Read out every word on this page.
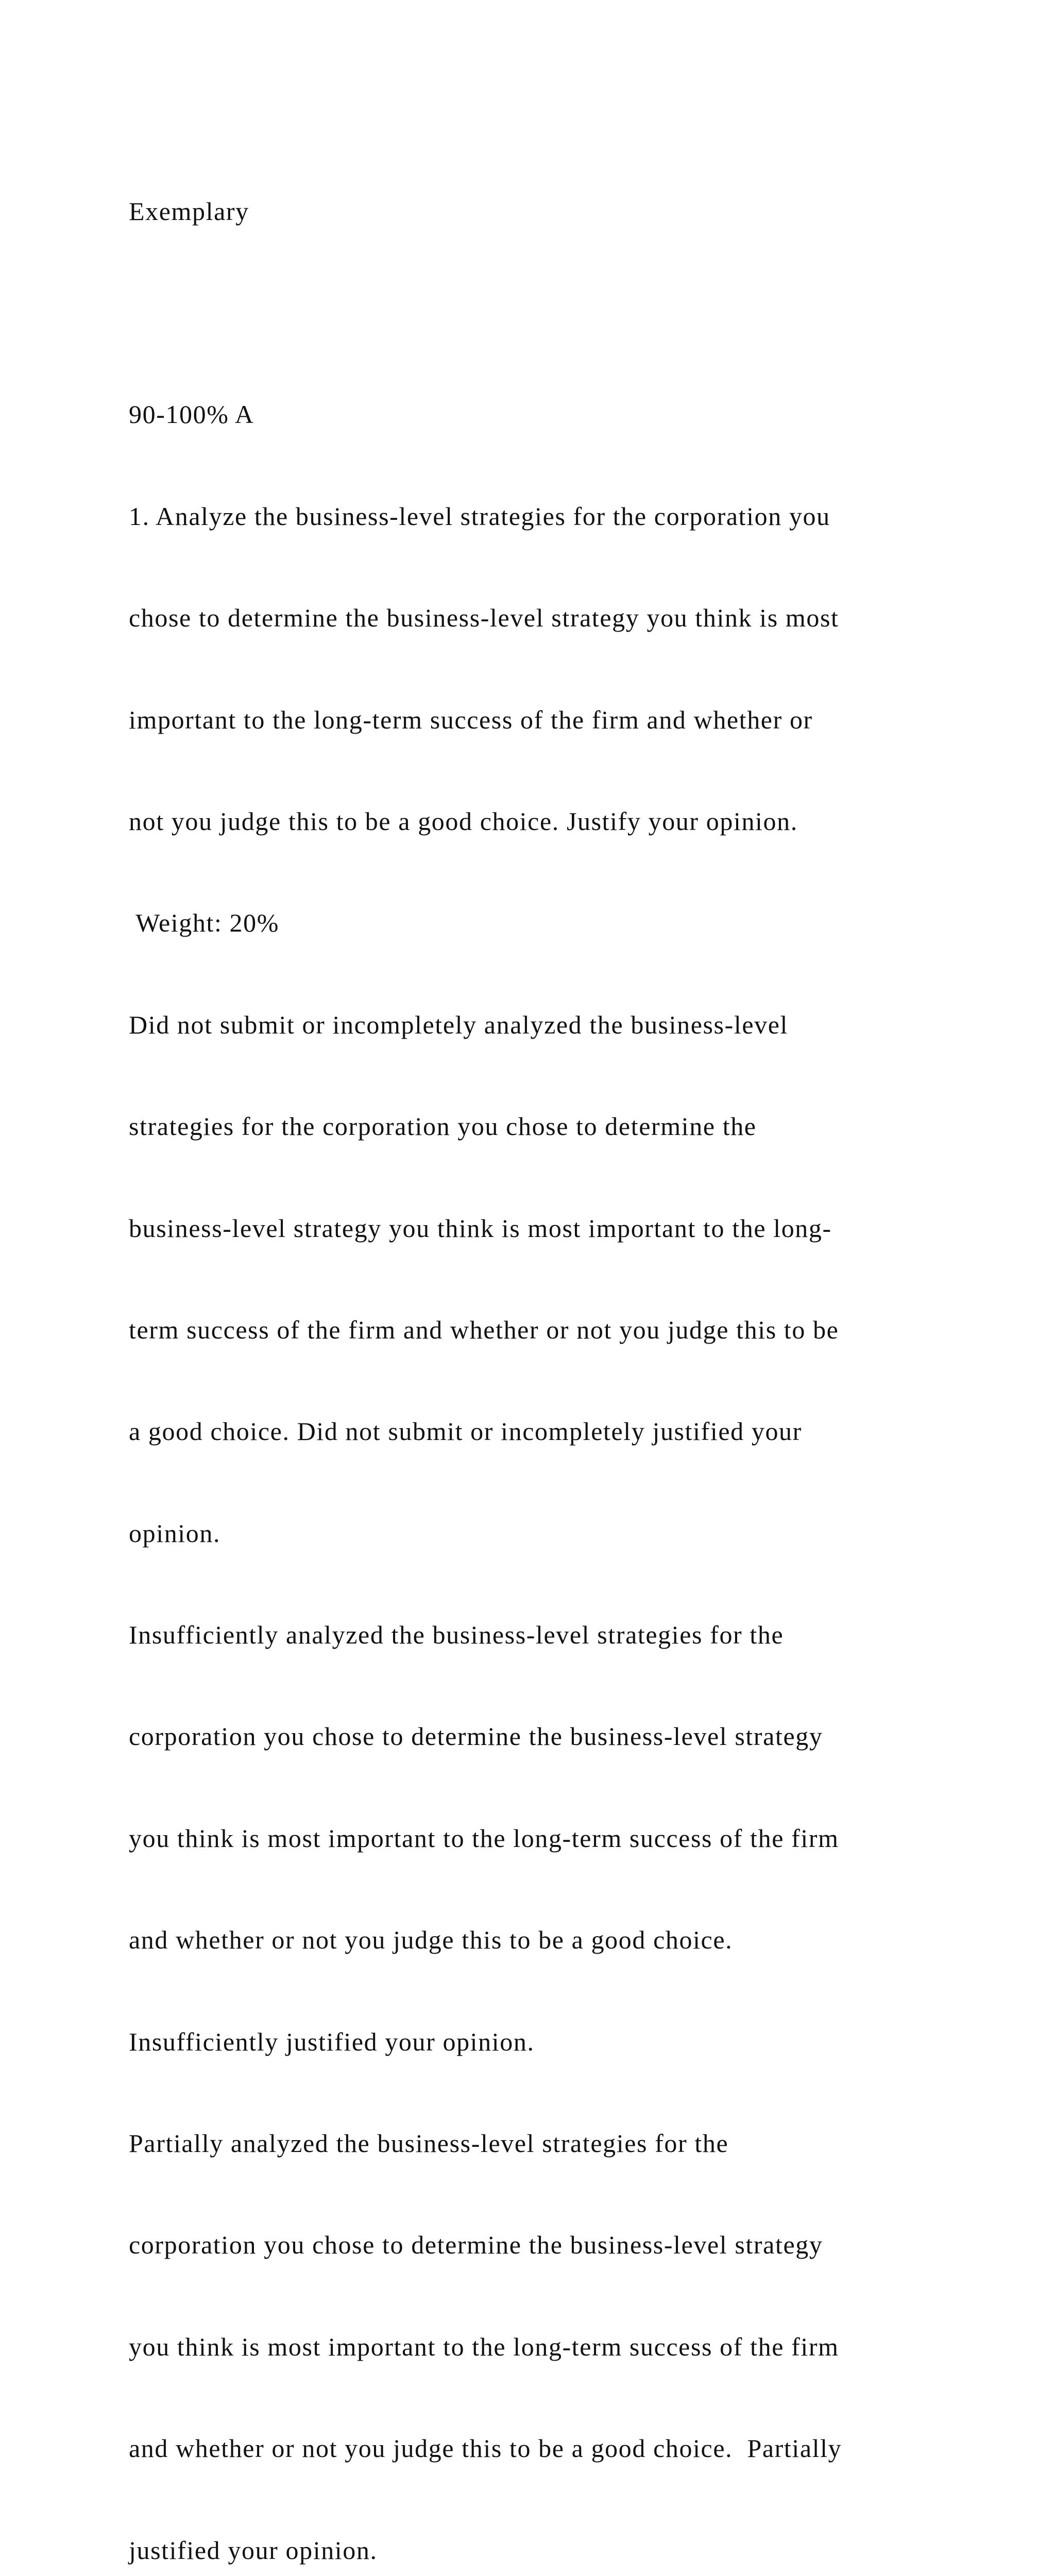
Exemplary

90-100% A

1. Analyze the business-level strategies for the corporation you

chose to determine the business-level strategy you think is most

important to the long-term success of the firm and whether or

not you judge this to be a good choice. Justify your opinion.

Weight: 20%

Did not submit or incompletely analyzed the business-level

strategies for the corporation you chose to determine the

business-level strategy you think is most important to the long-

term success of the firm and whether or not you judge this to be

a good choice. Did not submit or incompletely justified your

opinion.

Insufficiently analyzed the business-level strategies for the

corporation you chose to determine the business-level strategy

you think is most important to the long-term success of the firm

and whether or not you judge this to be a good choice.

Insufficiently justified your opinion.

Partially analyzed the business-level strategies for the

corporation you chose to determine the business-level strategy

you think is most important to the long-term success of the firm

and whether or not you judge this to be a good choice.  Partially

justified your opinion.
